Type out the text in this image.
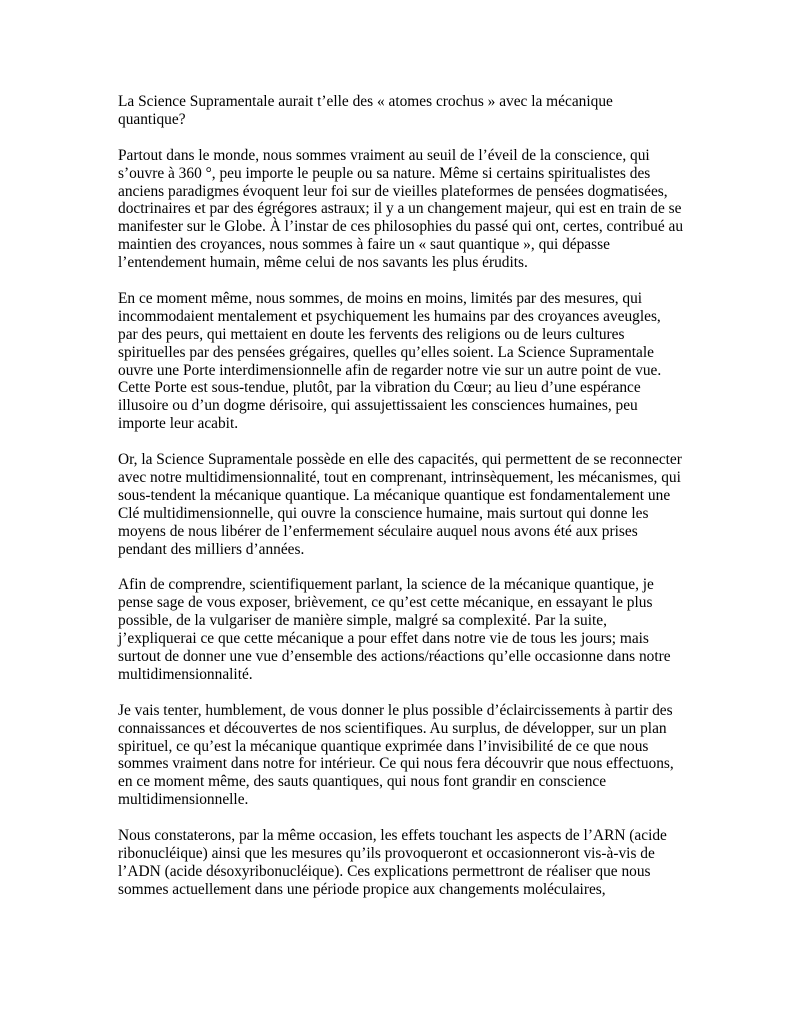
La Science Supramentale aurait t’elle des « atomes crochus » avec la mécanique quantique?

Partout dans le monde, nous sommes vraiment au seuil de l’éveil de la conscience, qui s’ouvre à 360 °, peu importe le peuple ou sa nature. Même si certains spiritualistes des anciens paradigmes évoquent leur foi sur de vieilles plateformes de pensées dogmatisées, doctrinaires et par des égrégores astraux; il y a un changement majeur, qui est en train de se manifester sur le Globe. À l’instar de ces philosophies du passé qui ont, certes, contribué au maintien des croyances, nous sommes à faire un « saut quantique », qui dépasse l’entendement humain, même celui de nos savants les plus érudits.

En ce moment même, nous sommes, de moins en moins, limités par des mesures, qui incommodaient mentalement et psychiquement les humains par des croyances aveugles, par des peurs, qui mettaient en doute les fervents des religions ou de leurs cultures spirituelles par des pensées grégaires, quelles qu’elles soient. La Science Supramentale ouvre une Porte interdimensionnelle afin de regarder notre vie sur un autre point de vue. Cette Porte est sous-tendue, plutôt, par la vibration du Cœur; au lieu d’une espérance illusoire ou d’un dogme dérisoire, qui assujettissaient les consciences humaines, peu importe leur acabit.

Or, la Science Supramentale possède en elle des capacités, qui permettent de se reconnecter avec notre multidimensionnalité, tout en comprenant, intrinsèquement, les mécanismes, qui sous-tendent la mécanique quantique. La mécanique quantique est fondamentalement une Clé multidimensionnelle, qui ouvre la conscience humaine, mais surtout qui donne les moyens de nous libérer de l’enfermement séculaire auquel nous avons été aux prises pendant des milliers d’années.

Afin de comprendre, scientifiquement parlant, la science de la mécanique quantique, je pense sage de vous exposer, brièvement, ce qu’est cette mécanique, en essayant le plus possible, de la vulgariser de manière simple, malgré sa complexité. Par la suite, j’expliquerai ce que cette mécanique a pour effet dans notre vie de tous les jours; mais surtout de donner une vue d’ensemble des actions/réactions qu’elle occasionne dans notre multidimensionnalité.

Je vais tenter, humblement, de vous donner le plus possible d’éclaircissements à partir des connaissances et découvertes de nos scientifiques. Au surplus, de développer, sur un plan spirituel, ce qu’est la mécanique quantique exprimée dans l’invisibilité de ce que nous sommes vraiment dans notre for intérieur. Ce qui nous fera découvrir que nous effectuons, en ce moment même, des sauts quantiques, qui nous font grandir en conscience multidimensionnelle.

Nous constaterons, par la même occasion, les effets touchant les aspects de l’ARN (acide ribonucléique) ainsi que les mesures qu’ils provoqueront et occasionneront vis-à-vis de l’ADN (acide désoxyribonucléique). Ces explications permettront de réaliser que nous sommes actuellement dans une période propice aux changements moléculaires,
